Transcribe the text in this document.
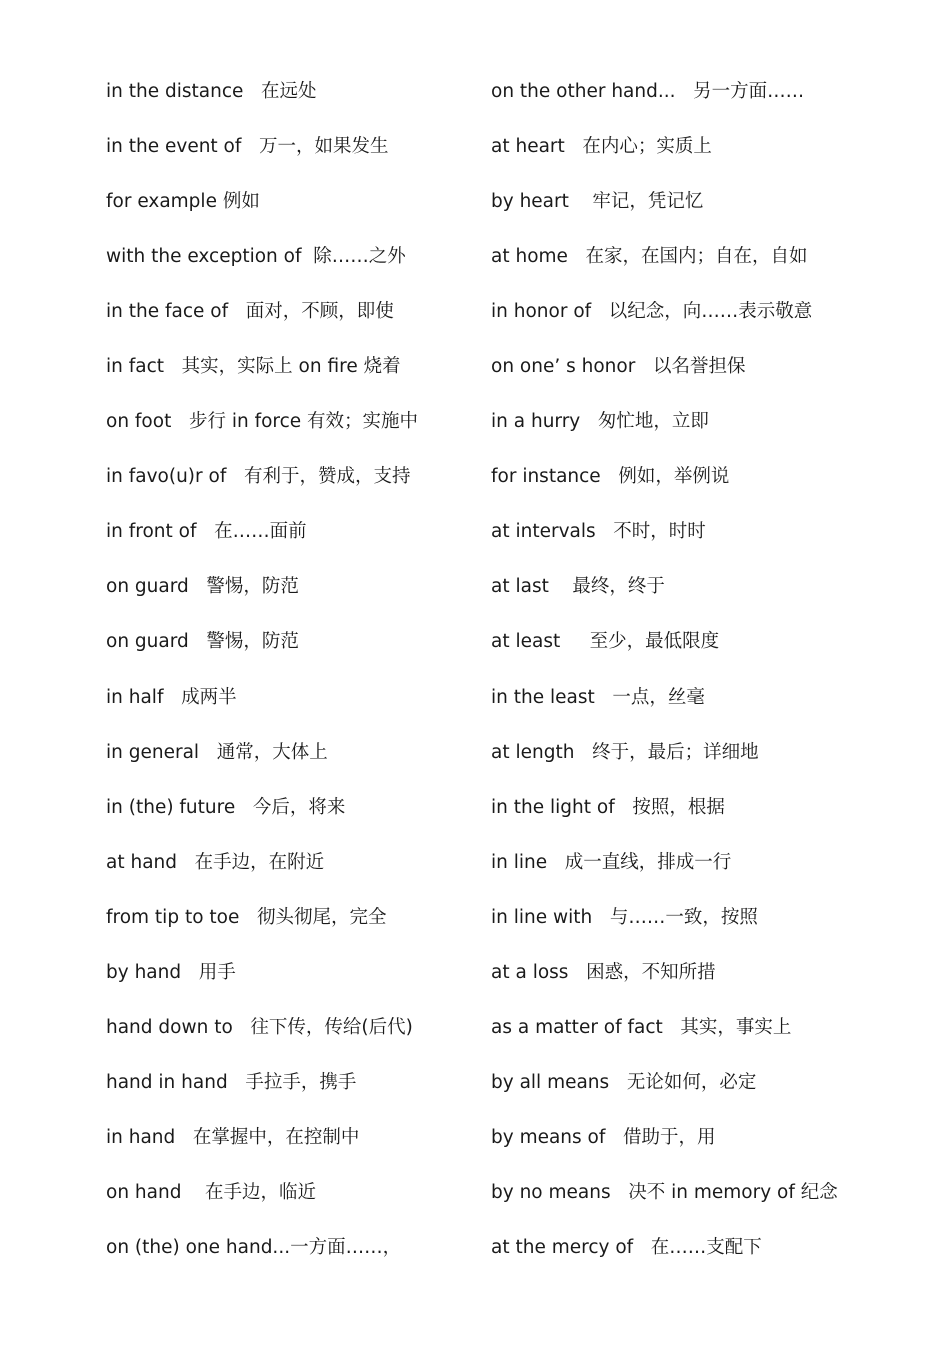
in the distance   在远处
in the event of   万一，如果发生
for example 例如
with the exception of  除……之外
in the face of   面对，不顾，即使
in fact   其实，实际上 on fire 烧着
on foot   步行 in force 有效；实施中
in favo(u)r of   有利于，赞成，支持
in front of   在……面前
on guard   警惕，防范
on guard   警惕，防范
in half   成两半
in general   通常，大体上
in (the) future   今后，将来
at hand   在手边，在附近
from tip to toe   彻头彻尾，完全
by hand   用手
hand down to   往下传，传给(后代)
hand in hand   手拉手，携手
in hand   在掌握中，在控制中
on hand    在手边，临近
on (the) one hand...一方面……，
on the other hand...   另一方面……
at heart   在内心；实质上
by heart    牢记，凭记忆
at home   在家，在国内；自在，自如
in honor of   以纪念，向……表示敬意
on one’ s honor   以名誉担保
in a hurry   匆忙地，立即
for instance   例如，举例说
at intervals   不时，时时
at last    最终，终于
at least     至少，最低限度
in the least   一点，丝毫
at length   终于，最后；详细地
in the light of   按照，根据
in line   成一直线，排成一行
in line with   与……一致，按照
at a loss   困惑，不知所措
as a matter of fact   其实，事实上
by all means   无论如何，必定
by means of   借助于，用
by no means   决不 in memory of 纪念
at the mercy of   在……支配下
